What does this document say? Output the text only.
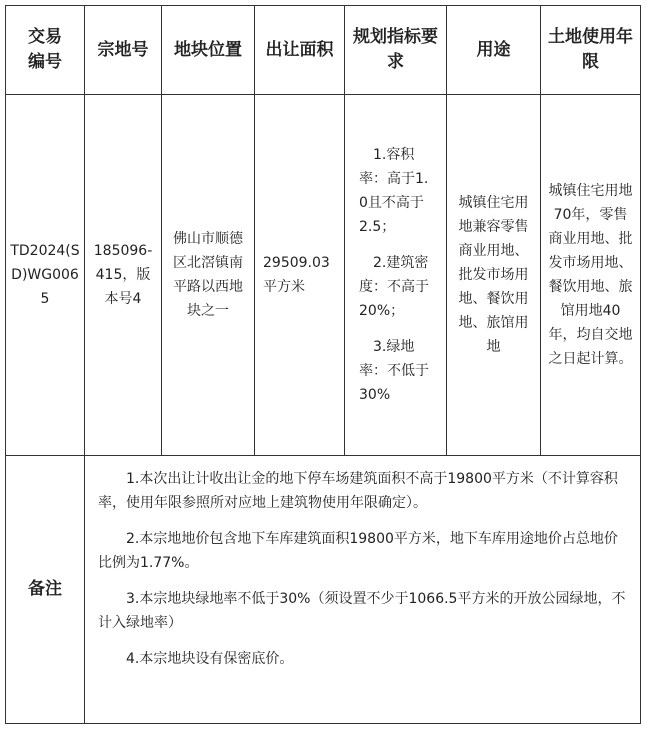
交易编号
宗地号 地块位置 出让面积
规划指标要求
用途
土地使用年限
TD2024(SD)WG0065
185096-415，版本号4
佛山市顺德区北滘镇南平路以西地块之一
29509.03平方米
1.容积率：高于1.0且不高于2.5；
2.建筑密度：不高于20%；
3.绿地率：不低于30%
城镇住宅用地兼容零售商业用地、批发市场用地、餐饮用地、旅馆用地
城镇住宅用地70年，零售商业用地、批发市场用地、餐饮用地、旅馆用地40年，均自交地之日起计算。
备注

1.本次出让计收出让金的地下停车场建筑面积不高于19800平方米（不计算容积率，使用年限参照所对应地上建筑物使用年限确定）。

2.本宗地地价包含地下车库建筑面积19800平方米，地下车库用途地价占总地价比例为1.77%。

3.本宗地块绿地率不低于30%（须设置不少于1066.5平方米的开放公园绿地，不计入绿地率）

4.本宗地块设有保密底价。
